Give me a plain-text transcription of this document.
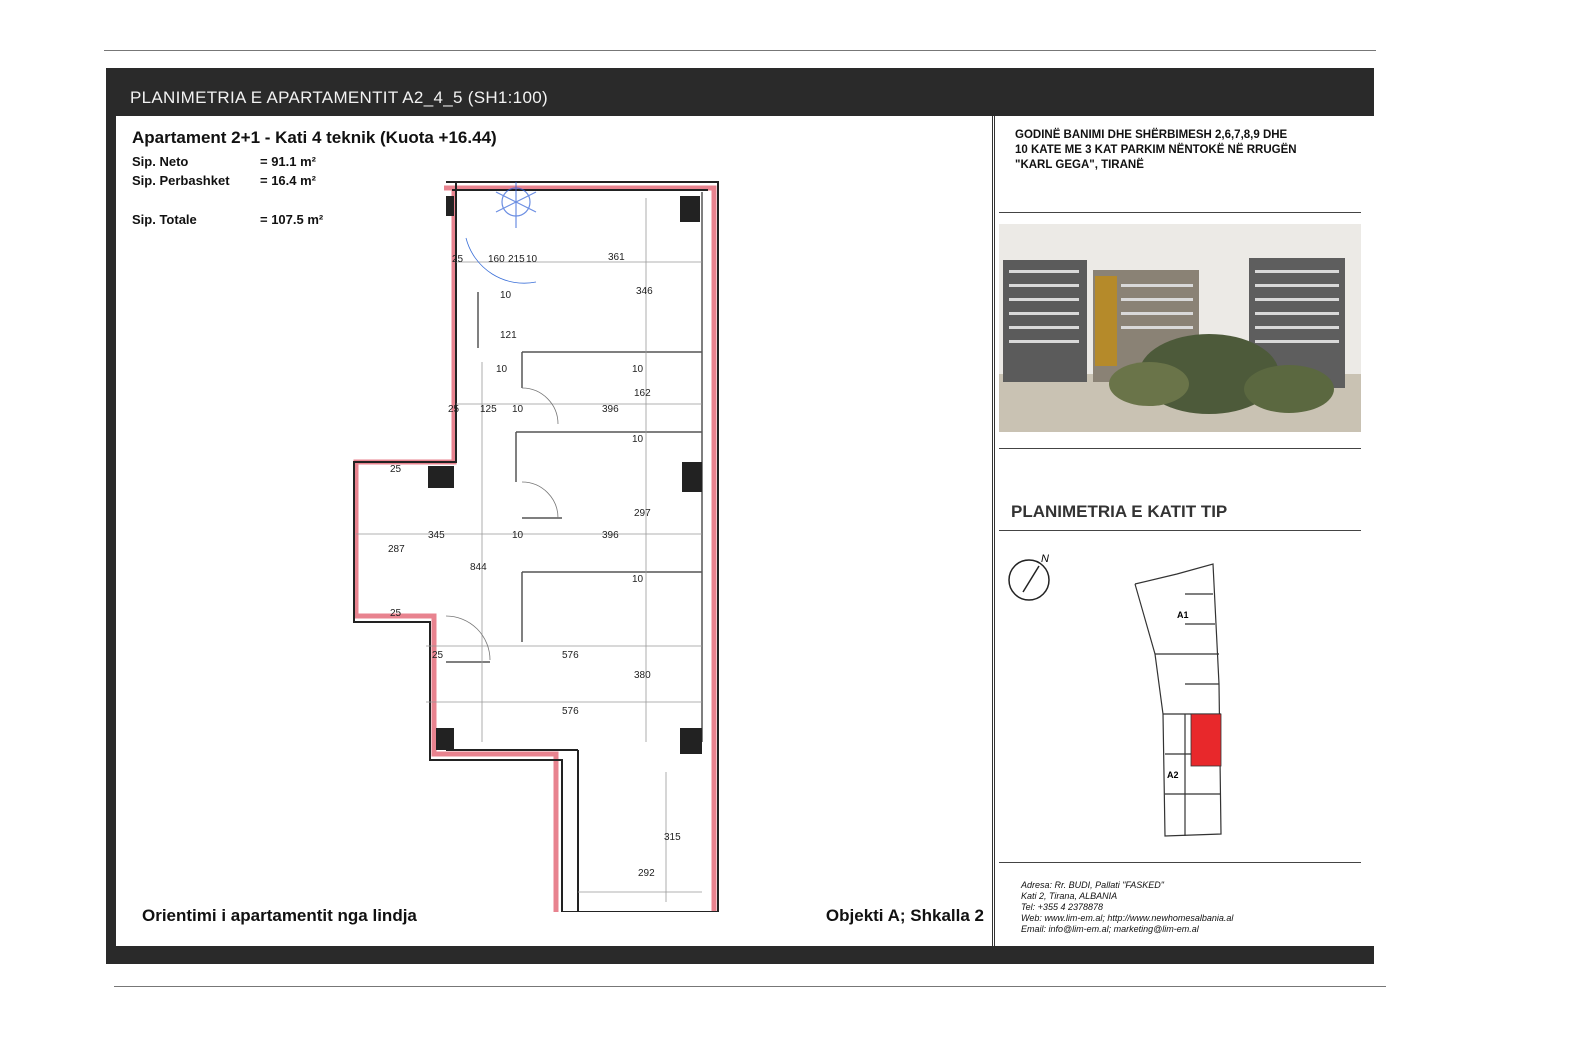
PLANIMETRIA E APARTAMENTIT A2_4_5 (SH1:100)
Apartament 2+1 - Kati 4 teknik (Kuota +16.44)
Sip. Neto	= 91.1 m²
Sip. Perbashket = 16.4 m²
Sip. Totale	= 107.5 m²
25 160 215 10	361
346
10
121
10	10
25 125 10	396
162
10
25
345
287
10	396
297
844
10
25
25	576
380
576
315
292
Orientimi i apartamentit nga lindja	Objekti A; Shkalla 2
GODINË BANIMI DHE SHËRBIMESH 2,6,7,8,9 DHE
10 KATE ME 3 KAT PARKIM NËNTOKË NË RRUGËN
"KARL GEGA", TIRANË
PLANIMETRIA E KATIT TIP
N
A1
A2
Adresa: Rr. BUDI, Pallati "FASKED"
Kati 2, Tirana, ALBANIA
Tel: +355 4 2378878
Web: www.lim-em.al; http://www.newhomesalbania.al
Email: info@lim-em.al; marketing@lim-em.al
